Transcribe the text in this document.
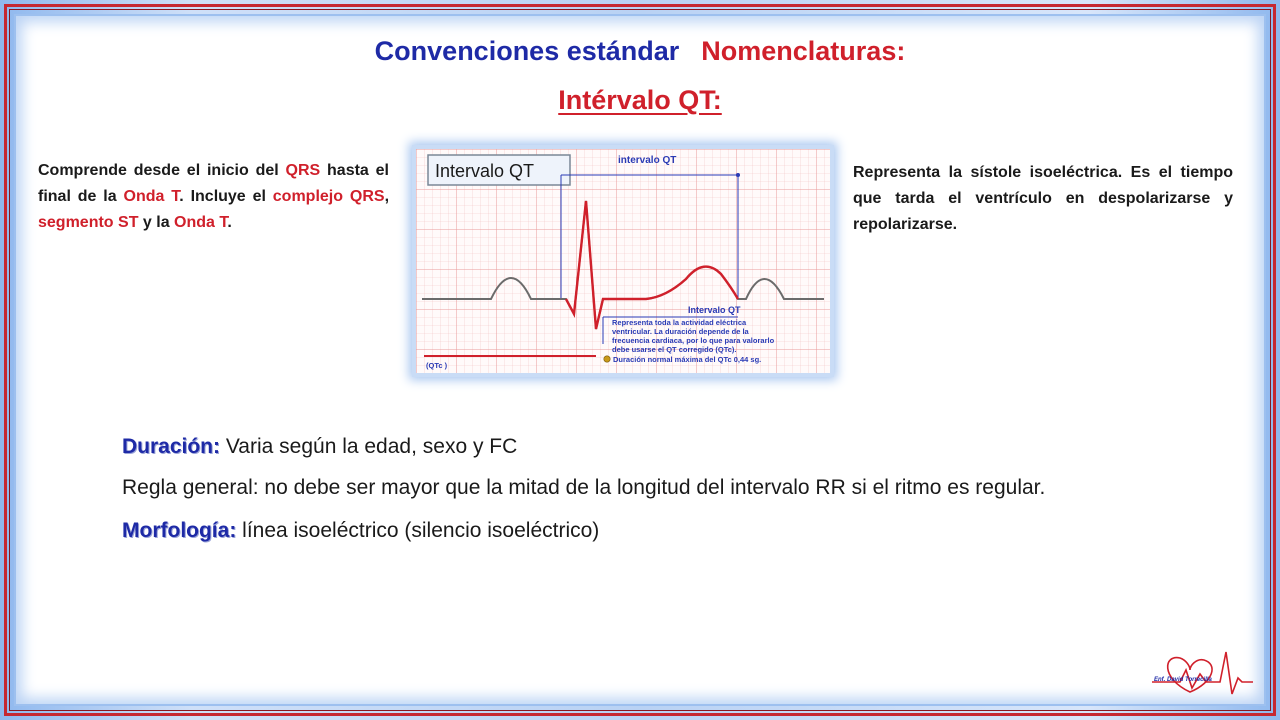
Convenciones estándar Nomenclaturas:
Intérvalo QT:
Comprende desde el inicio del QRS hasta el final de la Onda T. Incluye el complejo QRS, segmento ST y la Onda T.
Representa la sístole isoeléctrica. Es el tiempo que tarda el ventrículo en despolarizarse y repolarizarse.
Intervalo QT
intervalo QT
Intervalo QT
Representa toda la actividad eléctrica ventricular. La duración depende de la frecuencia cardiaca, por lo que para valorarlo debe usarse el QT corregido (QTc).
Duración normal máxima del QTc 0,44 sg.
(QTc )

Duración: Varia según la edad, sexo y FC

Regla general: no debe ser mayor que la mitad de la longitud del intervalo RR si el ritmo es regular.

Morfología: línea isoeléctrico (silencio isoeléctrico)

Enf. David Torrecilla
